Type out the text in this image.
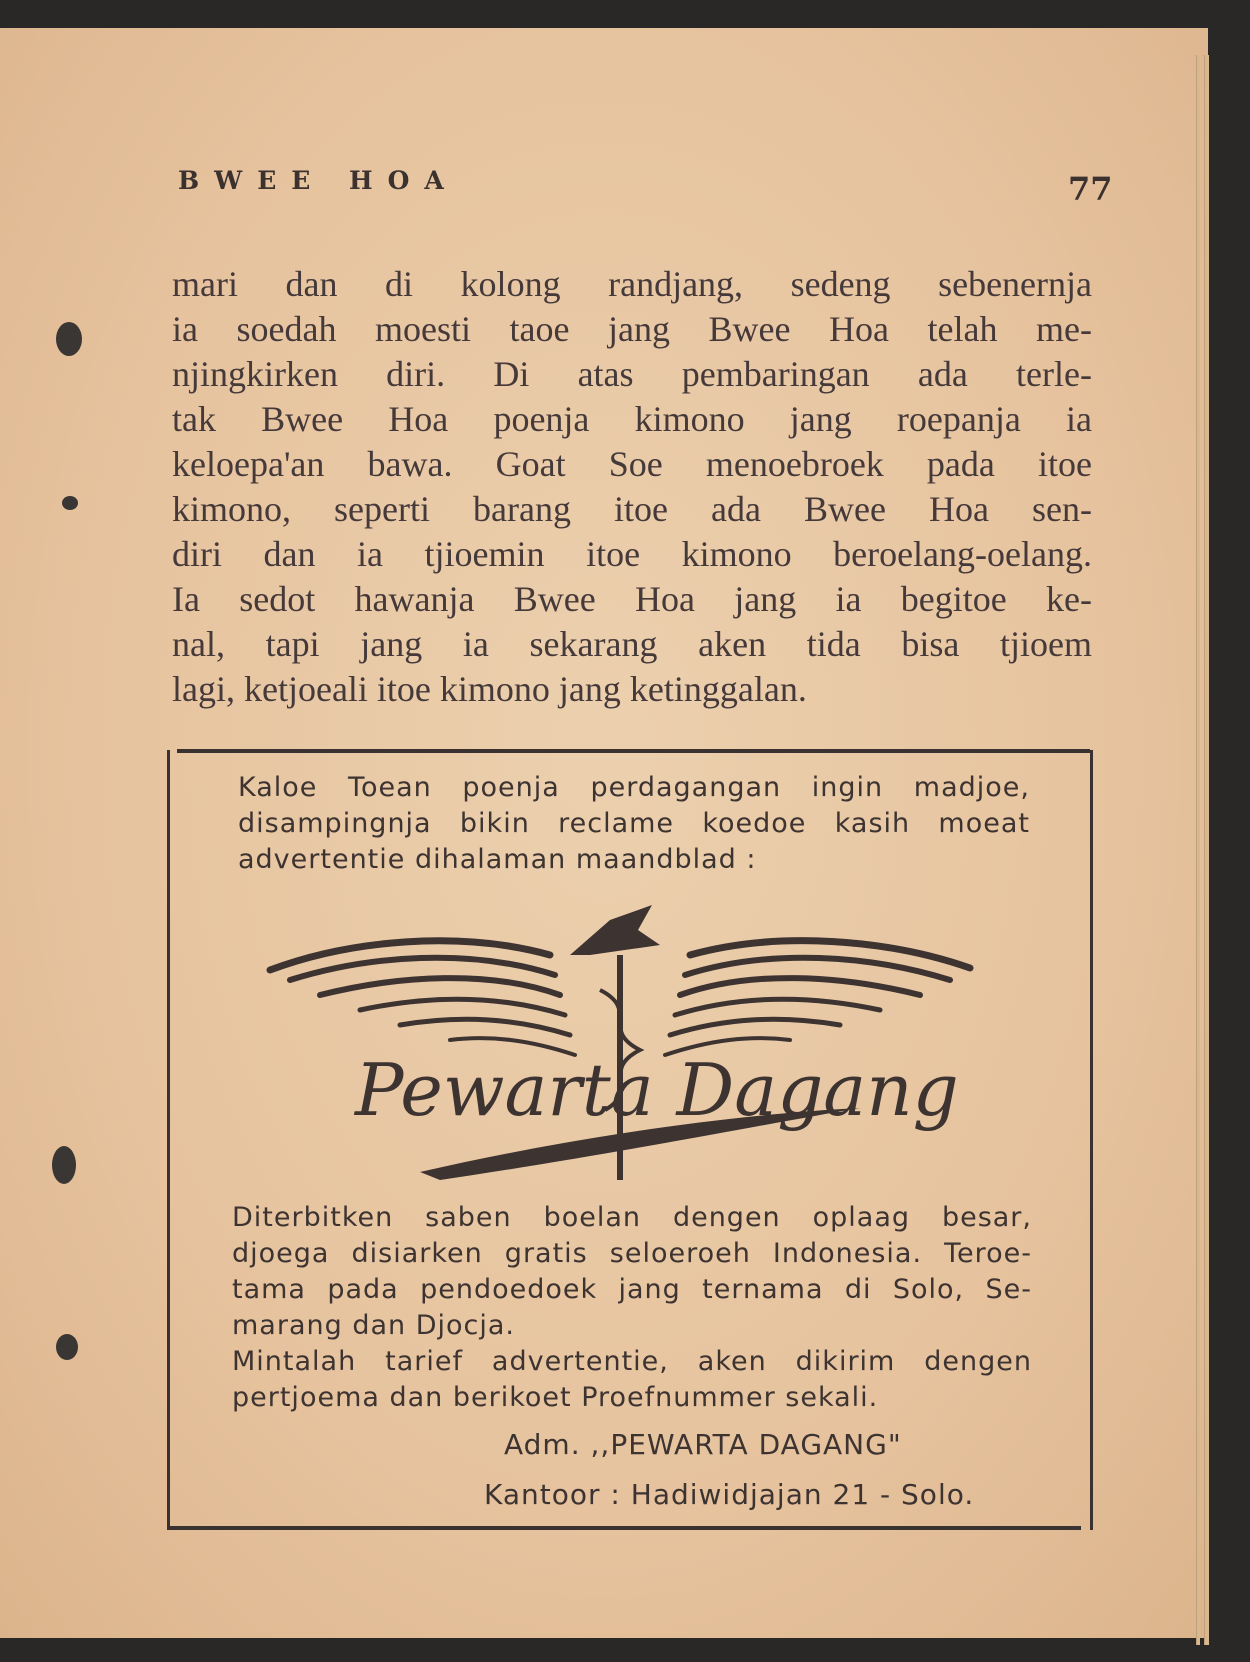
BWEE HOA	77
mari dan di kolong randjang, sedeng sebenernja
ia soedah moesti taoe jang Bwee Hoa telah me-
njingkirken diri. Di atas pembaringan ada terle-
tak Bwee Hoa poenja kimono jang roepanja ia
keloepa'an bawa. Goat Soe menoebroek pada itoe
kimono, seperti barang itoe ada Bwee Hoa sen-
diri dan ia tjioemin itoe kimono beroelang-oelang.
Ia sedot hawanja Bwee Hoa jang ia begitoe ke-
nal, tapi jang ia sekarang aken tida bisa tjioem
lagi, ketjoeali itoe kimono jang ketinggalan.
Kaloe Toean poenja perdagangan ingin madjoe,
disampingnja bikin reclame koedoe kasih moeat
advertentie dihalaman maandblad :
Pewarta Dagang
Diterbitken saben boelan dengen oplaag besar,
djoega disiarken gratis seloeroeh Indonesia. Teroe-
tama pada pendoedoek jang ternama di Solo, Se-
marang dan Djocja.
Mintalah tarief advertentie, aken dikirim dengen
pertjoema dan berikoet Proefnummer sekali.
Adm. ,,PEWARTA DAGANG"
Kantoor : Hadiwidjajan 21 - Solo.
